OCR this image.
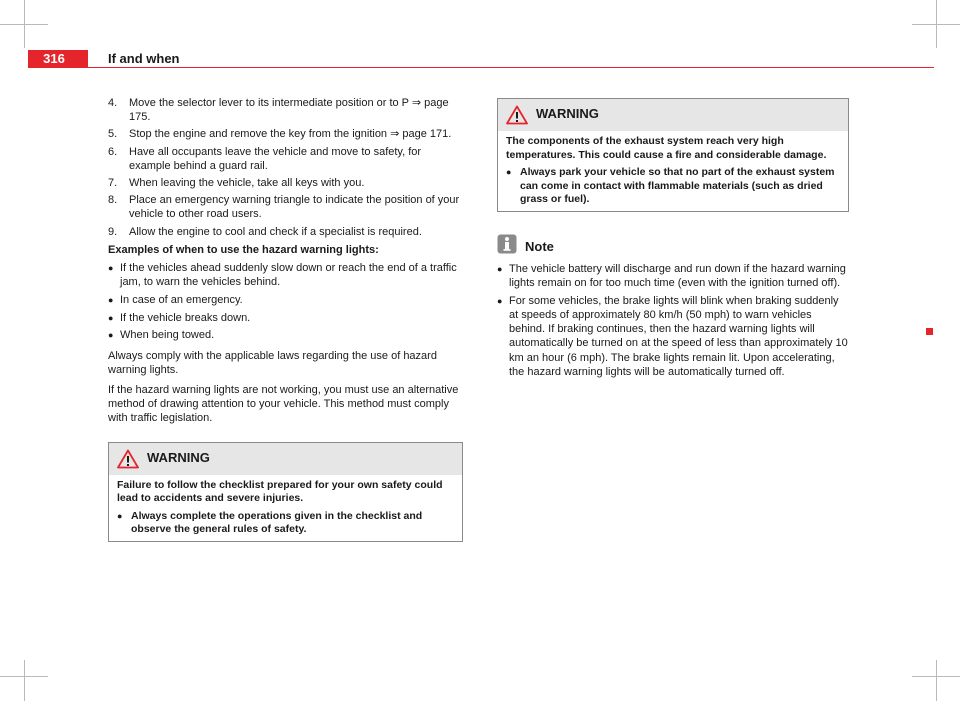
316	If and when
4. Move the selector lever to its intermediate position or to P ⇒ page 175.
5. Stop the engine and remove the key from the ignition ⇒ page 171.
6. Have all occupants leave the vehicle and move to safety, for example behind a guard rail.
7. When leaving the vehicle, take all keys with you.
8. Place an emergency warning triangle to indicate the position of your vehicle to other road users.
9. Allow the engine to cool and check if a specialist is required.
Examples of when to use the hazard warning lights:
● If the vehicles ahead suddenly slow down or reach the end of a traffic jam, to warn the vehicles behind.
● In case of an emergency.
● If the vehicle breaks down.
● When being towed.

Always comply with the applicable laws regarding the use of hazard warning lights.

If the hazard warning lights are not working, you must use an alternative method of drawing attention to your vehicle. This method must comply with traffic legislation.

WARNING

Failure to follow the checklist prepared for your own safety could lead to accidents and severe injuries.

● Always complete the operations given in the checklist and observe the general rules of safety.
WARNING

The components of the exhaust system reach very high temperatures. This could cause a fire and considerable damage.

● Always park your vehicle so that no part of the exhaust system can come in contact with flammable materials (such as dried grass or fuel).
Note
● The vehicle battery will discharge and run down if the hazard warning lights remain on for too much time (even with the ignition turned off).
● For some vehicles, the brake lights will blink when braking suddenly at speeds of approximately 80 km/h (50 mph) to warn vehicles behind. If braking continues, then the hazard warning lights will automatically be turned on at the speed of less than approximately 10 km an hour (6 mph). The brake lights remain lit. Upon accelerating, the hazard warning lights will be automatically turned off.
